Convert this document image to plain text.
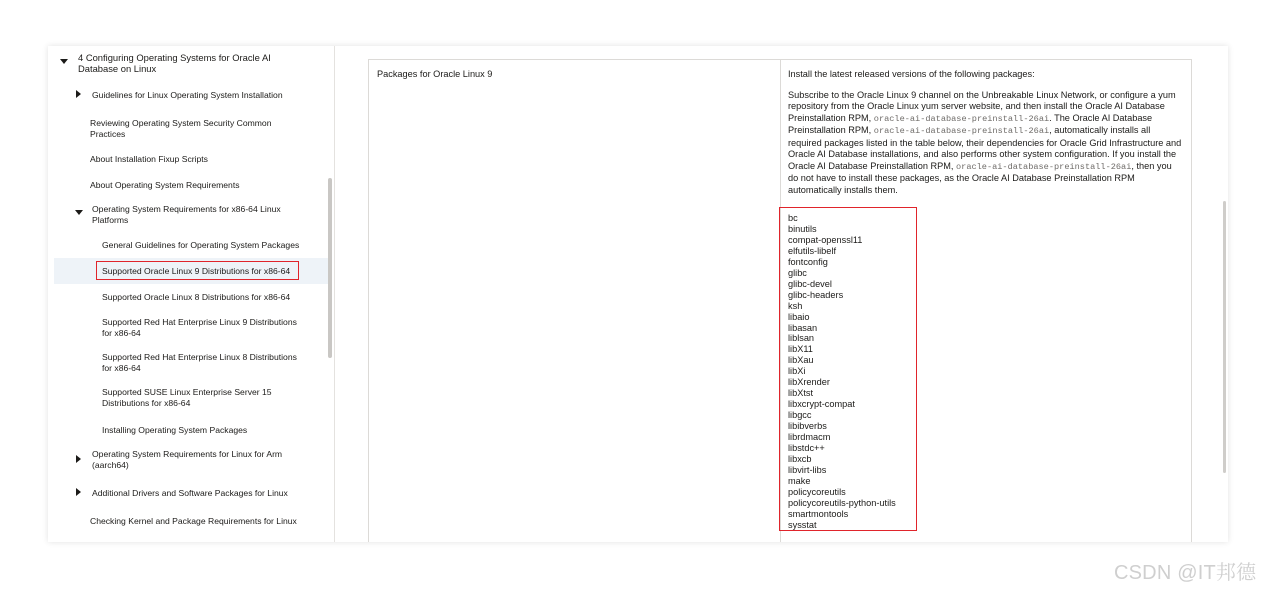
4 Configuring Operating Systems for Oracle AI Database on Linux
Guidelines for Linux Operating System Installation
Reviewing Operating System Security Common Practices
About Installation Fixup Scripts
About Operating System Requirements
Operating System Requirements for x86-64 Linux Platforms
General Guidelines for Operating System Packages
Supported Oracle Linux 9 Distributions for x86-64
Supported Oracle Linux 8 Distributions for x86-64
Supported Red Hat Enterprise Linux 9 Distributions for x86-64
Supported Red Hat Enterprise Linux 8 Distributions for x86-64
Supported SUSE Linux Enterprise Server 15 Distributions for x86-64
Installing Operating System Packages
Operating System Requirements for Linux for Arm (aarch64)
Additional Drivers and Software Packages for Linux
Checking Kernel and Package Requirements for Linux
Packages for Oracle Linux 9	Install the latest released versions of the following packages:

Subscribe to the Oracle Linux 9 channel on the Unbreakable Linux Network, or configure a yum repository from the Oracle Linux yum server website, and then install the Oracle AI Database Preinstallation RPM, oracle-ai-database-preinstall-26ai. The Oracle AI Database Preinstallation RPM, oracle-ai-database-preinstall-26ai, automatically installs all required packages listed in the table below, their dependencies for Oracle Grid Infrastructure and Oracle AI Database installations, and also performs other system configuration. If you install the Oracle AI Database Preinstallation RPM, oracle-ai-database-preinstall-26ai, then you do not have to install these packages, as the Oracle AI Database Preinstallation RPM automatically installs them.

bc
binutils
compat-openssl11
elfutils-libelf
fontconfig
glibc
glibc-devel
glibc-headers
ksh
libaio
libasan
liblsan
libX11
libXau
libXi
libXrender
libXtst
libxcrypt-compat
libgcc
libibverbs
librdmacm
libstdc++
libxcb
libvirt-libs
make
policycoreutils
policycoreutils-python-utils
smartmontools
sysstat
CSDN @IT邦德
